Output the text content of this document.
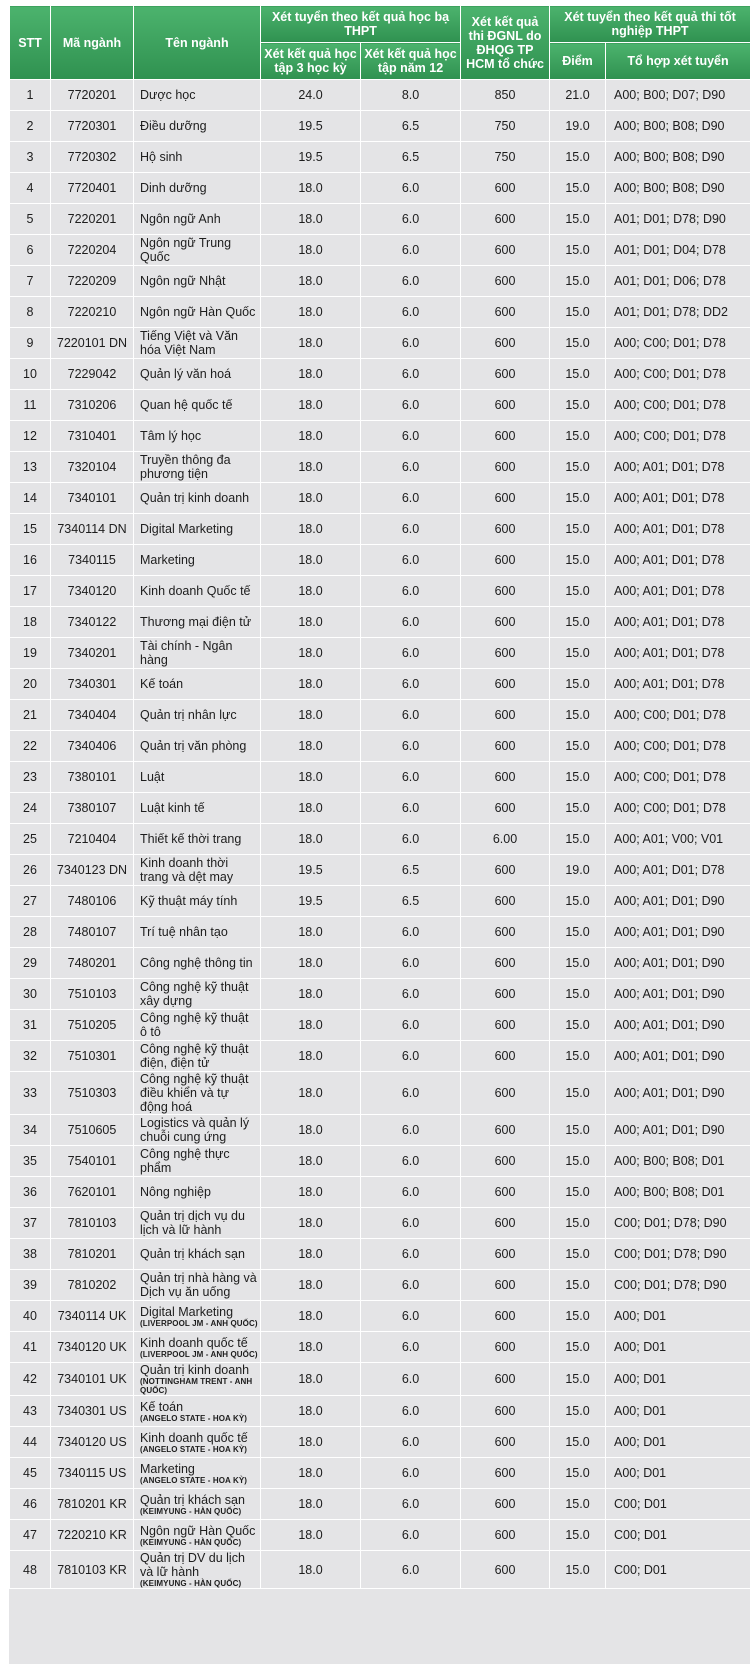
STT	Mã ngành	Tên ngành	Xét tuyển theo kết quả học bạ THPT		Xét kết quả thi ĐGNL do ĐHQG TP HCM tổ chức	Xét tuyển theo kết quả thi tốt nghiệp THPT	
			Xét kết quả học tập 3 học kỳ	Xét kết quả học tập năm 12		Điểm	Tổ hợp xét tuyển
1	7720201	Dược học	24.0	8.0	850	21.0	A00; B00; D07; D90
2	7720301	Điều dưỡng	19.5	6.5	750	19.0	A00; B00; B08; D90
3	7720302	Hộ sinh	19.5	6.5	750	15.0	A00; B00; B08; D90
4	7720401	Dinh dưỡng	18.0	6.0	600	15.0	A00; B00; B08; D90
5	7220201	Ngôn ngữ Anh	18.0	6.0	600	15.0	A01; D01; D78; D90
6	7220204	Ngôn ngữ Trung Quốc	18.0	6.0	600	15.0	A01; D01; D04; D78
7	7220209	Ngôn ngữ Nhật	18.0	6.0	600	15.0	A01; D01; D06; D78
8	7220210	Ngôn ngữ Hàn Quốc	18.0	6.0	600	15.0	A01; D01; D78; DD2
9	7220101 DN	Tiếng Việt và Văn hóa Việt Nam	18.0	6.0	600	15.0	A00; C00; D01; D78
10	7229042	Quản lý văn hoá	18.0	6.0	600	15.0	A00; C00; D01; D78
11	7310206	Quan hệ quốc tế	18.0	6.0	600	15.0	A00; C00; D01; D78
12	7310401	Tâm lý học	18.0	6.0	600	15.0	A00; C00; D01; D78
13	7320104	Truyền thông đa phương tiện	18.0	6.0	600	15.0	A00; A01; D01; D78
14	7340101	Quản trị kinh doanh	18.0	6.0	600	15.0	A00; A01; D01; D78
15	7340114 DN	Digital Marketing	18.0	6.0	600	15.0	A00; A01; D01; D78
16	7340115	Marketing	18.0	6.0	600	15.0	A00; A01; D01; D78
17	7340120	Kinh doanh Quốc tế	18.0	6.0	600	15.0	A00; A01; D01; D78
18	7340122	Thương mại điện tử	18.0	6.0	600	15.0	A00; A01; D01; D78
19	7340201	Tài chính - Ngân hàng	18.0	6.0	600	15.0	A00; A01; D01; D78
20	7340301	Kế toán	18.0	6.0	600	15.0	A00; A01; D01; D78
21	7340404	Quản trị nhân lực	18.0	6.0	600	15.0	A00; C00; D01; D78
22	7340406	Quản trị văn phòng	18.0	6.0	600	15.0	A00; C00; D01; D78
23	7380101	Luật	18.0	6.0	600	15.0	A00; C00; D01; D78
24	7380107	Luật kinh tế	18.0	6.0	600	15.0	A00; C00; D01; D78
25	7210404	Thiết kế thời trang	18.0	6.0	6.00	15.0	A00; A01; V00; V01
26	7340123 DN	Kinh doanh thời trang và dệt may	19.5	6.5	600	19.0	A00; A01; D01; D78
27	7480106	Kỹ thuật máy tính	19.5	6.5	600	15.0	A00; A01; D01; D90
28	7480107	Trí tuệ nhân tạo	18.0	6.0	600	15.0	A00; A01; D01; D90
29	7480201	Công nghệ thông tin	18.0	6.0	600	15.0	A00; A01; D01; D90
30	7510103	Công nghệ kỹ thuật xây dựng	18.0	6.0	600	15.0	A00; A01; D01; D90
31	7510205	Công nghệ kỹ thuật ô tô	18.0	6.0	600	15.0	A00; A01; D01; D90
32	7510301	Công nghệ kỹ thuật điện, điện tử	18.0	6.0	600	15.0	A00; A01; D01; D90
33	7510303	Công nghệ kỹ thuật điều khiển và tự động hoá	18.0	6.0	600	15.0	A00; A01; D01; D90
34	7510605	Logistics và quản lý chuỗi cung ứng	18.0	6.0	600	15.0	A00; A01; D01; D90
35	7540101	Công nghệ thực phẩm	18.0	6.0	600	15.0	A00; B00; B08; D01
36	7620101	Nông nghiệp	18.0	6.0	600	15.0	A00; B00; B08; D01
37	7810103	Quản trị dịch vụ du lịch và lữ hành	18.0	6.0	600	15.0	C00; D01; D78; D90
38	7810201	Quản trị khách sạn	18.0	6.0	600	15.0	C00; D01; D78; D90
39	7810202	Quản trị nhà hàng và Dịch vụ ăn uống	18.0	6.0	600	15.0	C00; D01; D78; D90
40	7340114 UK	Digital Marketing
(LIVERPOOL JM - ANH QUỐC)	18.0	6.0	600	15.0	A00; D01
41	7340120 UK	Kinh doanh quốc tế
(LIVERPOOL JM - ANH QUỐC)	18.0	6.0	600	15.0	A00; D01
42	7340101 UK	Quản trị kinh doanh
(NOTTINGHAM TRENT - ANH QUỐC)	18.0	6.0	600	15.0	A00; D01
43	7340301 US	Kế toán
(ANGELO STATE - HOA KỲ)	18.0	6.0	600	15.0	A00; D01
44	7340120 US	Kinh doanh quốc tế
(ANGELO STATE - HOA KỲ)	18.0	6.0	600	15.0	A00; D01
45	7340115 US	Marketing
(ANGELO STATE - HOA KỲ)	18.0	6.0	600	15.0	A00; D01
46	7810201 KR	Quản trị khách sạn
(KEIMYUNG - HÀN QUỐC)	18.0	6.0	600	15.0	C00; D01
47	7220210 KR	Ngôn ngữ Hàn Quốc
(KEIMYUNG - HÀN QUỐC)	18.0	6.0	600	15.0	C00; D01
48	7810103 KR	Quản trị DV du lịch và lữ hành
(KEIMYUNG - HÀN QUỐC)	18.0	6.0	600	15.0	C00; D01
